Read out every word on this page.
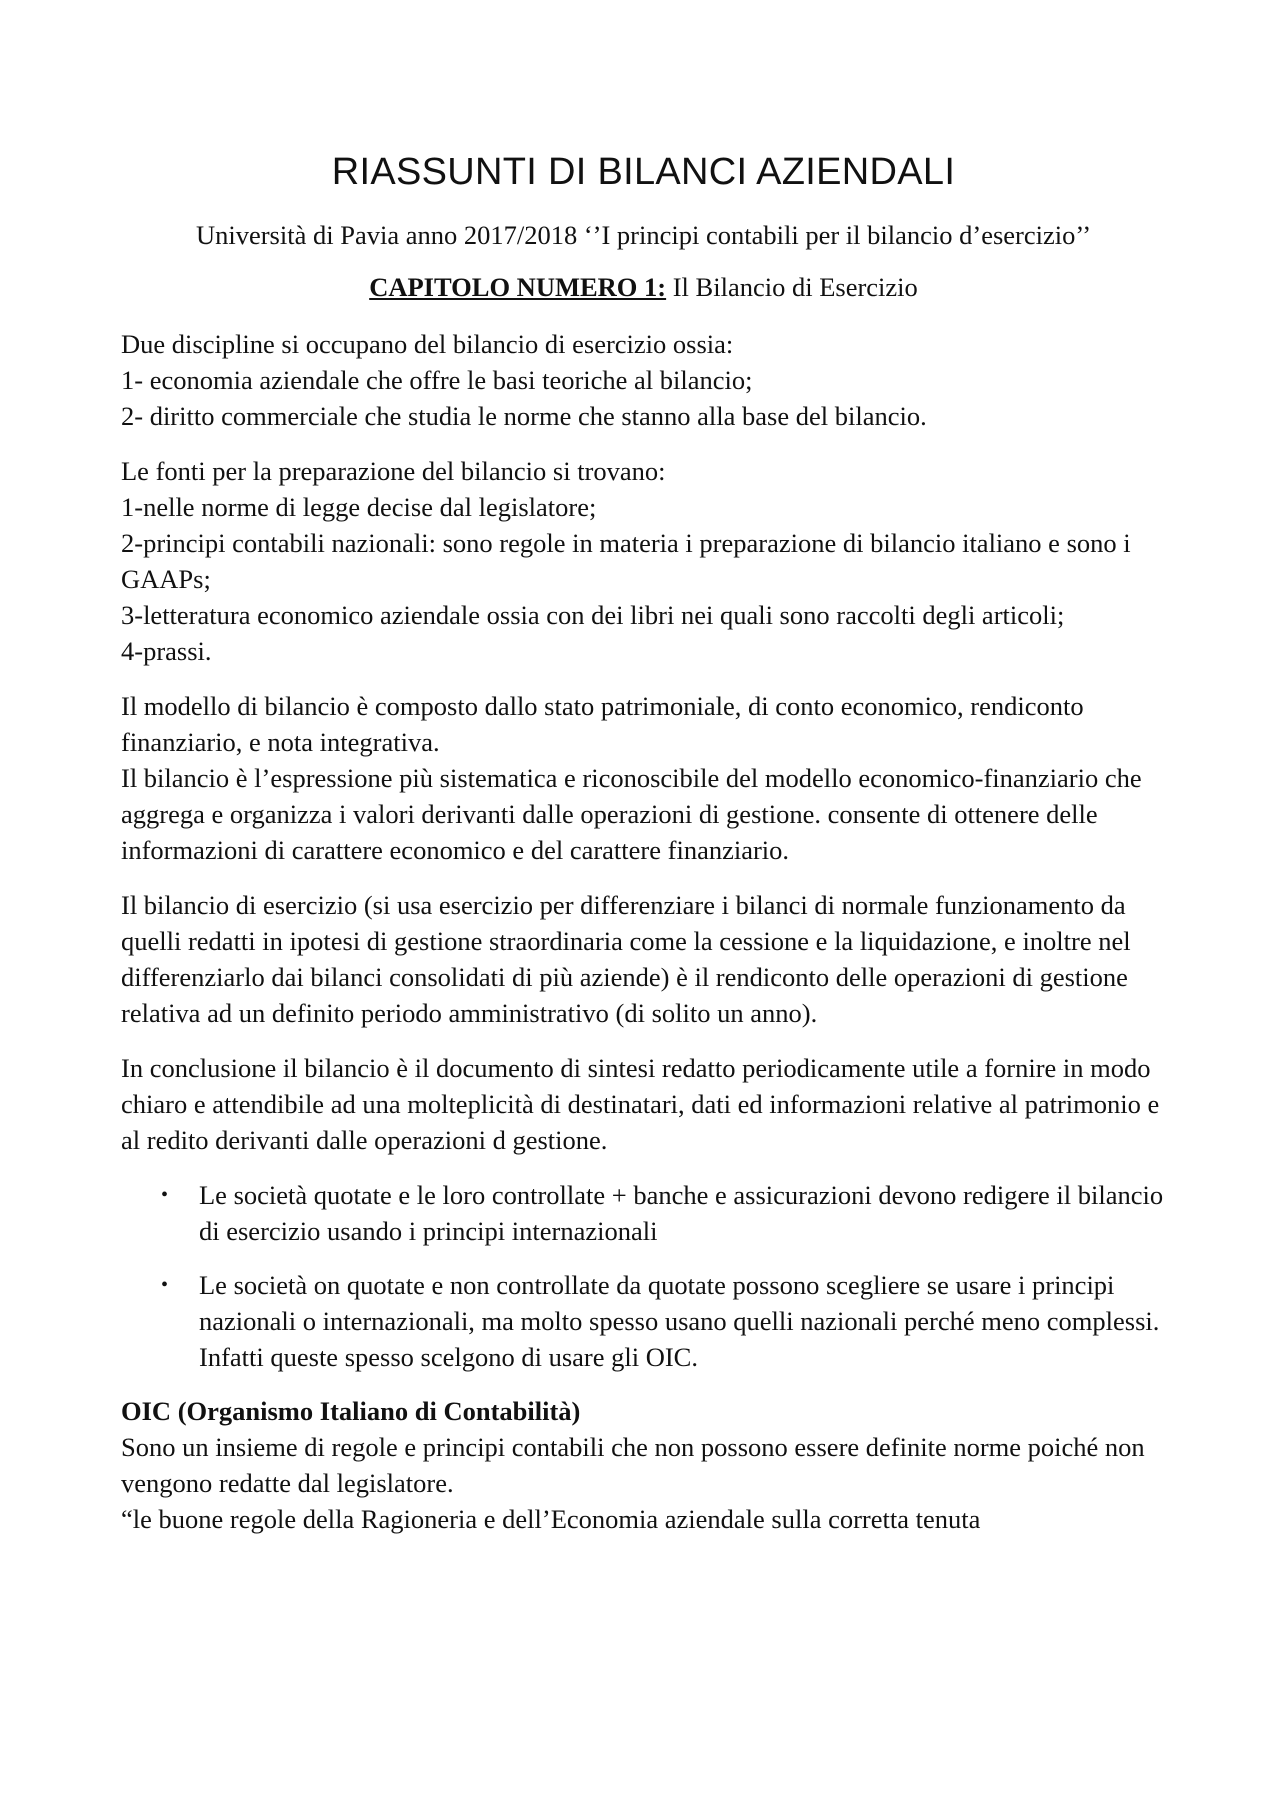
RIASSUNTI DI BILANCI AZIENDALI

Università di Pavia anno 2017/2018 ‘’I principi contabili per il bilancio d’esercizio’’

CAPITOLO NUMERO 1: Il Bilancio di Esercizio

Due discipline si occupano del bilancio di esercizio ossia:
1- economia aziendale che offre le basi teoriche al bilancio;
2- diritto commerciale che studia le norme che stanno alla base del bilancio.

Le fonti per la preparazione del bilancio si trovano:
1-nelle norme di legge decise dal legislatore;
2-principi contabili nazionali: sono regole in materia i preparazione di bilancio italiano e sono i GAAPs;
3-letteratura economico aziendale ossia con dei libri nei quali sono raccolti degli articoli;
4-prassi.

Il modello di bilancio è composto dallo stato patrimoniale, di conto economico, rendiconto finanziario, e nota integrativa.
Il bilancio è l’espressione più sistematica e riconoscibile del modello economico-finanziario che aggrega e organizza i valori derivanti dalle operazioni di gestione. consente di ottenere delle informazioni di carattere economico e del carattere finanziario.

Il bilancio di esercizio (si usa esercizio per differenziare i bilanci di normale funzionamento da quelli redatti in ipotesi di gestione straordinaria come la cessione e la liquidazione, e inoltre nel differenziarlo dai bilanci consolidati di più aziende) è il rendiconto delle operazioni di gestione relativa ad un definito periodo amministrativo (di solito un anno).

In conclusione il bilancio è il documento di sintesi redatto periodicamente utile a fornire in modo chiaro e attendibile ad una molteplicità di destinatari, dati ed informazioni relative al patrimonio e al redito derivanti dalle operazioni d gestione.

• Le società quotate e le loro controllate + banche e assicurazioni devono redigere il bilancio di esercizio usando i principi internazionali
• Le società on quotate e non controllate da quotate possono scegliere se usare i principi nazionali o internazionali, ma molto spesso usano quelli nazionali perché meno complessi.
Infatti queste spesso scelgono di usare gli OIC.

OIC (Organismo Italiano di Contabilità)

Sono un insieme di regole e principi contabili che non possono essere definite norme poiché non vengono redatte dal legislatore.
“le buone regole della Ragioneria e dell’Economia aziendale sulla corretta tenuta
